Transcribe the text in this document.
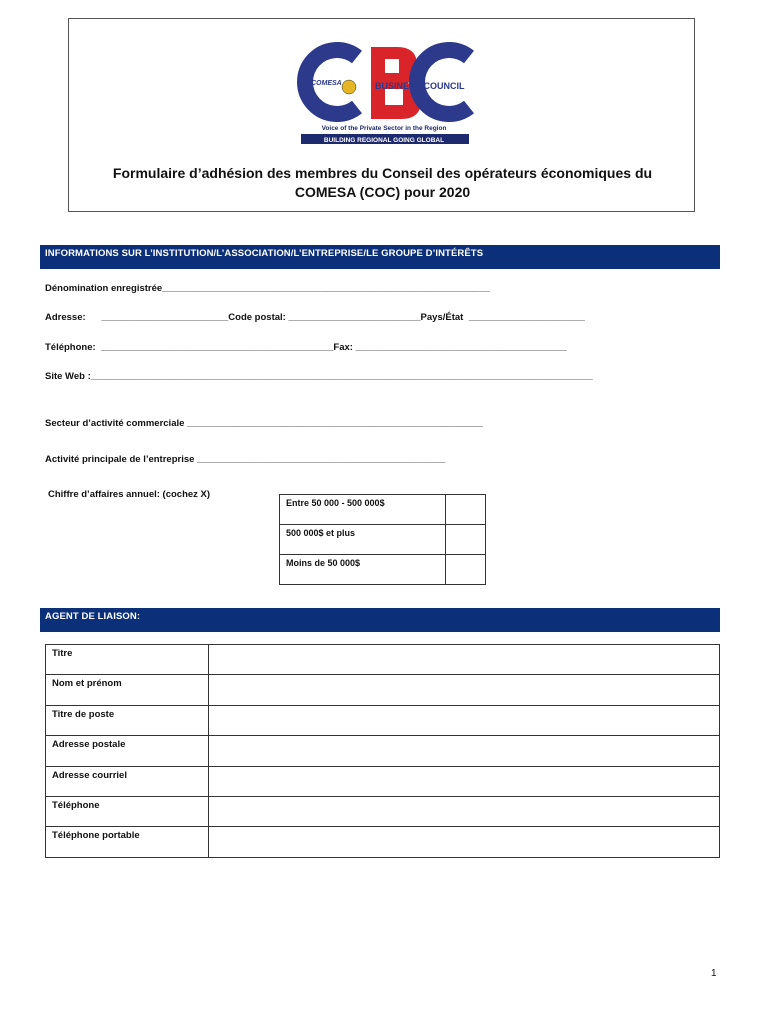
COMESA	BUSINESS COUNCIL
Voice of the Private Sector in the Region
BUILDING REGIONAL GOING GLOBAL
Formulaire d’adhésion des membres du Conseil des opérateurs économiques du
COMESA (COC) pour 2020
INFORMATIONS SUR L’INSTITUTION/L’ASSOCIATION/L’ENTREPRISE/LE GROUPE D’INTÉRÊTS
Dénomination enregistrée______________________________________________________________
Adresse:      ________________________Code postal: _________________________Pays/État  ______________________
Téléphone:  ____________________________________________Fax: ________________________________________
Site Web :_______________________________________________________________________________________________
Secteur d’activité commerciale ________________________________________________________
Activité principale de l’entreprise _______________________________________________
Chiffre d’affaires annuel: (cochez X)
Entre 50 000 - 500 000$	
500 000$ et plus	
Moins de 50 000$	
AGENT DE LIAISON:
Titre	
Nom et prénom	
Titre de poste	
Adresse postale	
Adresse courriel	
Téléphone	
Téléphone portable	
1
